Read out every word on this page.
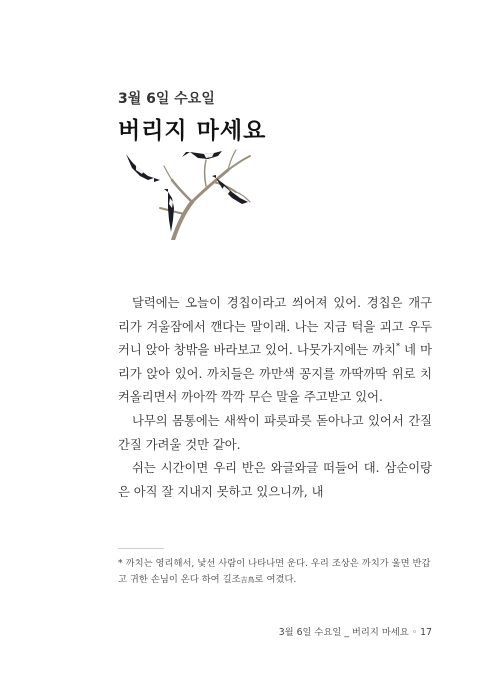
3월 6일 수요일
버리지 마세요

달력에는 오늘이 경칩이라고 씌어져 있어. 경칩은 개구리가 겨울잠에서 깬다는 말이래. 나는 지금 턱을 괴고 우두커니 앉아 창밖을 바라보고 있어. 나뭇가지에는 까치* 네 마리가 앉아 있어. 까치들은 까만색 꽁지를 까딱까딱 위로 치켜올리면서 까아깍 깍깍 무슨 말을 주고받고 있어.

나무의 몸통에는 새싹이 파릇파릇 돋아나고 있어서 간질간질 가려울 것만 같아.

쉬는 시간이면 우리 반은 와글와글 떠들어 대. 삼순이랑은 아직 잘 지내지 못하고 있으니까, 내

* 까치는 영리해서, 낯선 사람이 나타나면 운다. 우리 조상은 까치가 울면 반갑고 귀한 손님이 온다 하여 길조吉鳥로 여겼다.

3월 6일 수요일 _ 버리지 마세요 ◦ 17
